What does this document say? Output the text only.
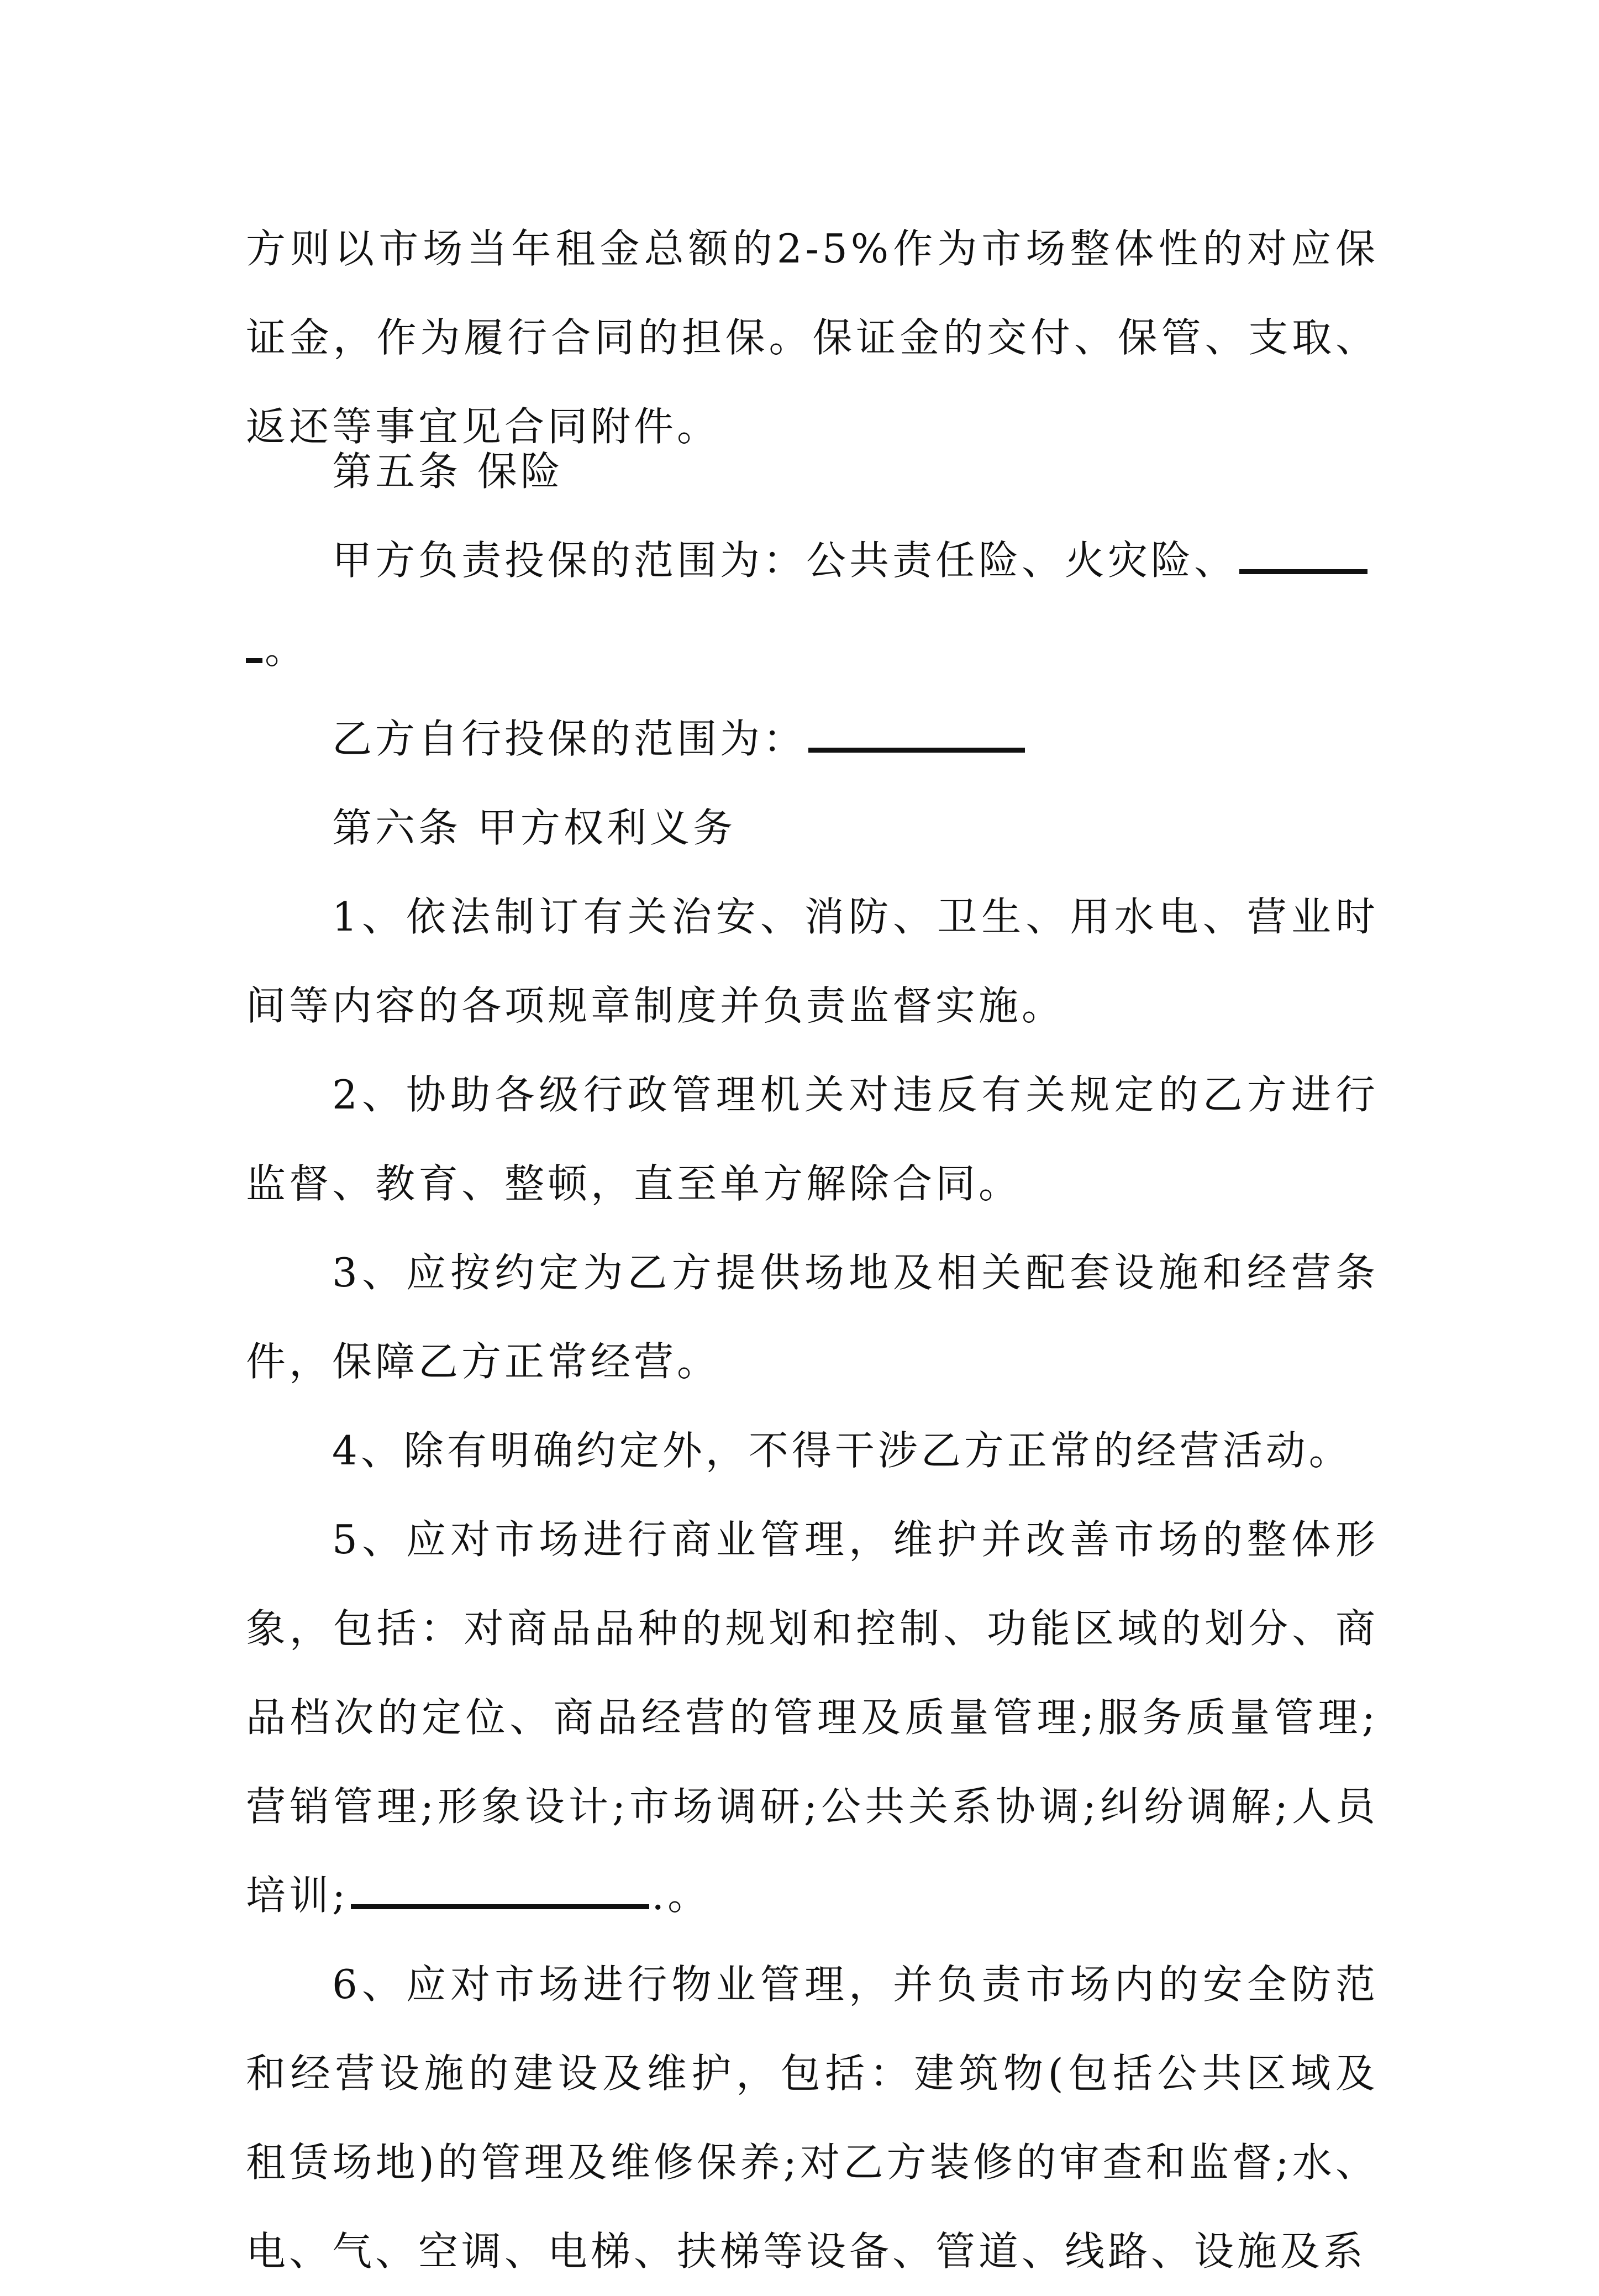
方则以市场当年租金总额的2-5%作为市场整体性的对应保证金，作为履行合同的担保。保证金的交付、保管、支取、返还等事宜见合同附件。

第五条 保险

甲方负责投保的范围为：公共责任险、火灾险、
。

乙方自行投保的范围为：

第六条 甲方权利义务

1、依法制订有关治安、消防、卫生、用水电、营业时间等内容的各项规章制度并负责监督实施。

2、协助各级行政管理机关对违反有关规定的乙方进行监督、教育、整顿，直至单方解除合同。

3、应按约定为乙方提供场地及相关配套设施和经营条件，保障乙方正常经营。

4、除有明确约定外，不得干涉乙方正常的经营活动。

5、应对市场进行商业管理，维护并改善市场的整体形象，包括：对商品品种的规划和控制、功能区域的划分、商品档次的定位、商品经营的管理及质量管理;服务质量管理;营销管理;形象设计;市场调研;公共关系协调;纠纷调解;人员培训;	.。

6、应对市场进行物业管理，并负责市场内的安全防范和经营设施的建设及维护，包括：建筑物(包括公共区域及租赁场地)的管理及维修保养;对乙方装修的审查和监督;水、电、气、空调、电梯、扶梯等设备、管道、线路、设施及系
